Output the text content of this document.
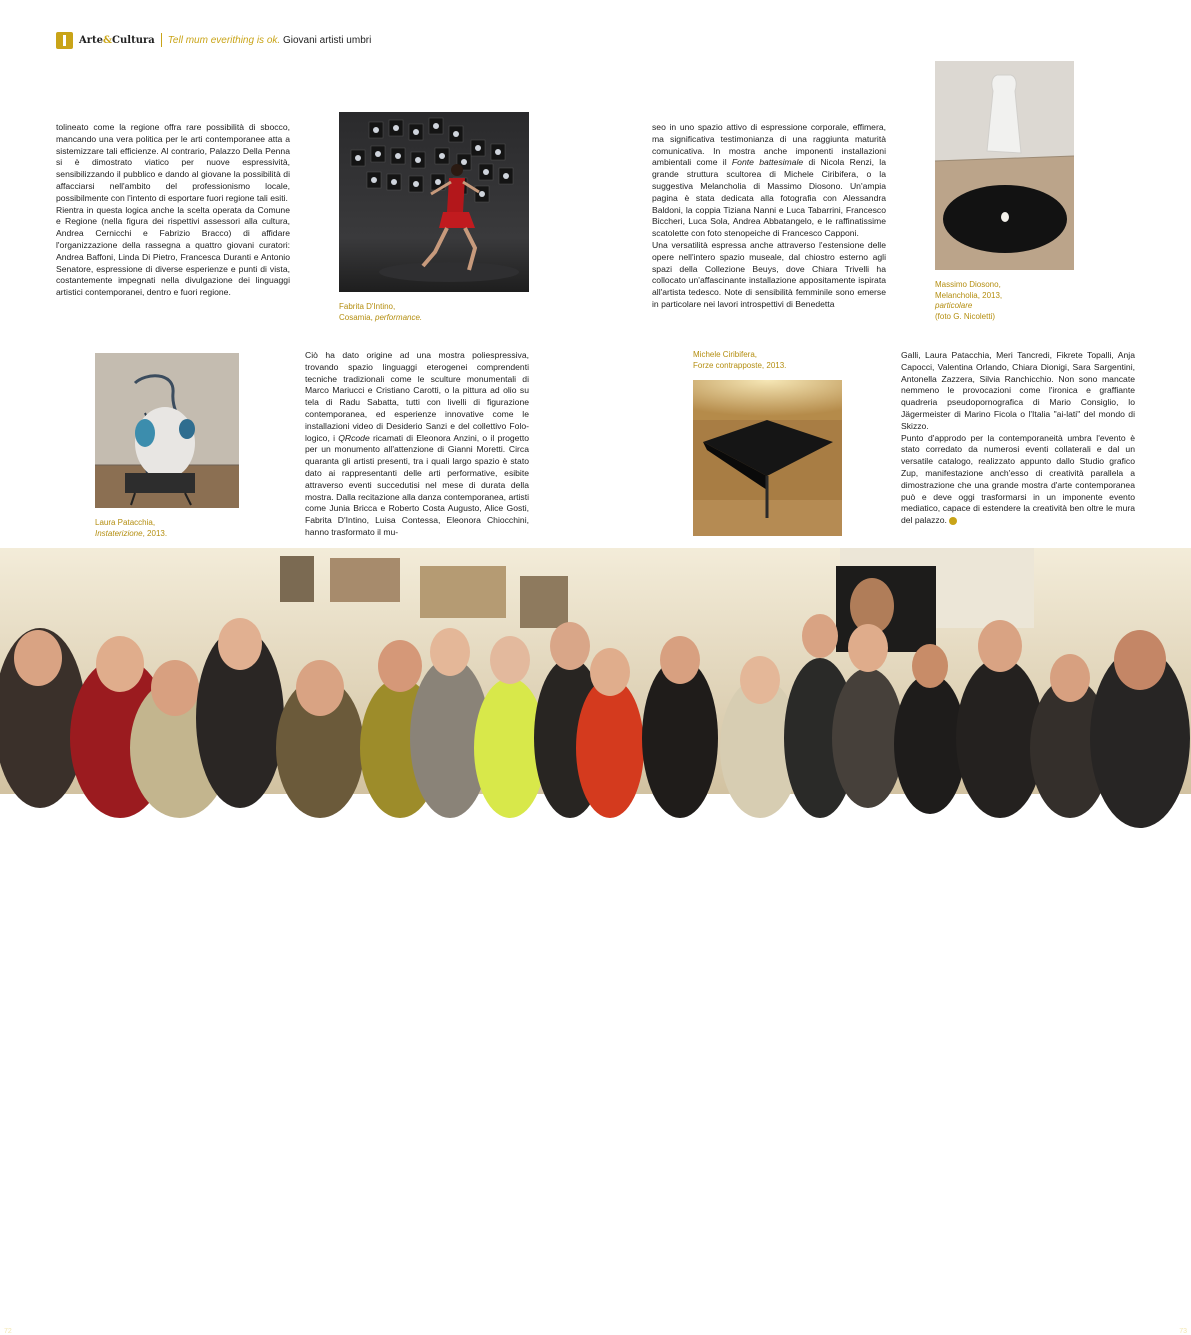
Arte&Cultura Tell mum everithing is ok. Giovani artisti umbri

tolineato come la regione offra rare possibilità di sbocco, mancando una vera politica per le arti contemporanee atta a sistemizzare tali efficienze. Al contrario, Palazzo Della Penna si è dimostrato viatico per nuove espressività, sensibilizzando il pubblico e dando al giovane la possibilità di affacciarsi nell'ambito del professionismo locale, possibilmente con l'intento di esportare fuori regione tali esiti.

Rientra in questa logica anche la scelta operata da Comune e Regione (nella figura dei rispettivi assessori alla cultura, Andrea Cernicchi e Fabrizio Bracco) di affidare l'organizzazione della rassegna a quattro giovani curatori: Andrea Baffoni, Linda Di Pietro, Francesca Duranti e Antonio Senatore, espressione di diverse esperienze e punti di vista, costantemente impegnati nella divulgazione dei linguaggi artistici contemporanei, dentro e fuori regione.

Fabrita D'Intino,
Cosamia, performance.

Ciò ha dato origine ad una mostra poliespressiva, trovando spazio linguaggi eterogenei comprendenti tecniche tradizionali come le sculture monumentali di Marco Mariucci e Cristiano Carotti, o la pittura ad olio su tela di Radu Sabatta, tutti con livelli di figurazione contemporanea, ed esperienze innovative come le installazioni video di Desiderio Sanzi e del collettivo Folo-logico, i QRcode ricamati di Eleonora Anzini, o il progetto per un monumento all'attenzione di Gianni Moretti. Circa quaranta gli artisti presenti, tra i quali largo spazio è stato dato ai rappresentanti delle arti performative, esibite attraverso eventi succedutisi nel mese di durata della mostra. Dalla recitazione alla danza contemporanea, artisti come Junia Bricca e Roberto Costa Augusto, Alice Gosti, Fabrita D'Intino, Luisa Contessa, Eleonora Chiocchini, hanno trasformato il mu-

Laura Patacchia,
Instaterizione, 2013.

seo in uno spazio attivo di espressione corporale, effimera, ma significativa testimonianza di una raggiunta maturità comunicativa. In mostra anche imponenti installazioni ambientali come il Fonte battesimale di Nicola Renzi, la grande struttura scultorea di Michele Ciribifera, o la suggestiva Melancholia di Massimo Diosono. Un'ampia pagina è stata dedicata alla fotografia con Alessandra Baldoni, la coppia Tiziana Nanni e Luca Tabarrini, Francesco Biccheri, Luca Sola, Andrea Abbatangelo, e le raffinatissime scatolette con foto stenopeiche di Francesco Capponi.

Una versatilità espressa anche attraverso l'estensione delle opere nell'intero spazio museale, dal chiostro esterno agli spazi della Collezione Beuys, dove Chiara Trivelli ha collocato un'affascinante installazione appositamente ispirata all'artista tedesco. Note di sensibilità femminile sono emerse in particolare nei lavori introspettivi di Benedetta

Massimo Diosono,
Melancholia, 2013,
particolare
(foto G. Nicoletti)
Michele Ciribifera,
Forze contrapposte, 2013.

Galli, Laura Patacchia, Meri Tancredi, Fikrete Topalli, Anja Capocci, Valentina Orlando, Chiara Dionigi, Sara Sargentini, Antonella Zazzera, Silvia Ranchicchio. Non sono mancate nemmeno le provocazioni come l'ironica e graffiante quadreria pseudopornografica di Mario Consiglio, lo Jägermeister di Marino Ficola o l'Italia "ai-lati" del mondo di Skizzo.

Punto d'approdo per la contemporaneità umbra l'evento è stato corredato da numerosi eventi collaterali e dal un versatile catalogo, realizzato appunto dallo Studio grafico Zup, manifestazione anch'esso di creatività parallela a dimostrazione che una grande mostra d'arte contemporanea può e deve oggi trasformarsi in un imponente evento mediatico, capace di estendere la creatività ben oltre le mura del palazzo.

72	73
